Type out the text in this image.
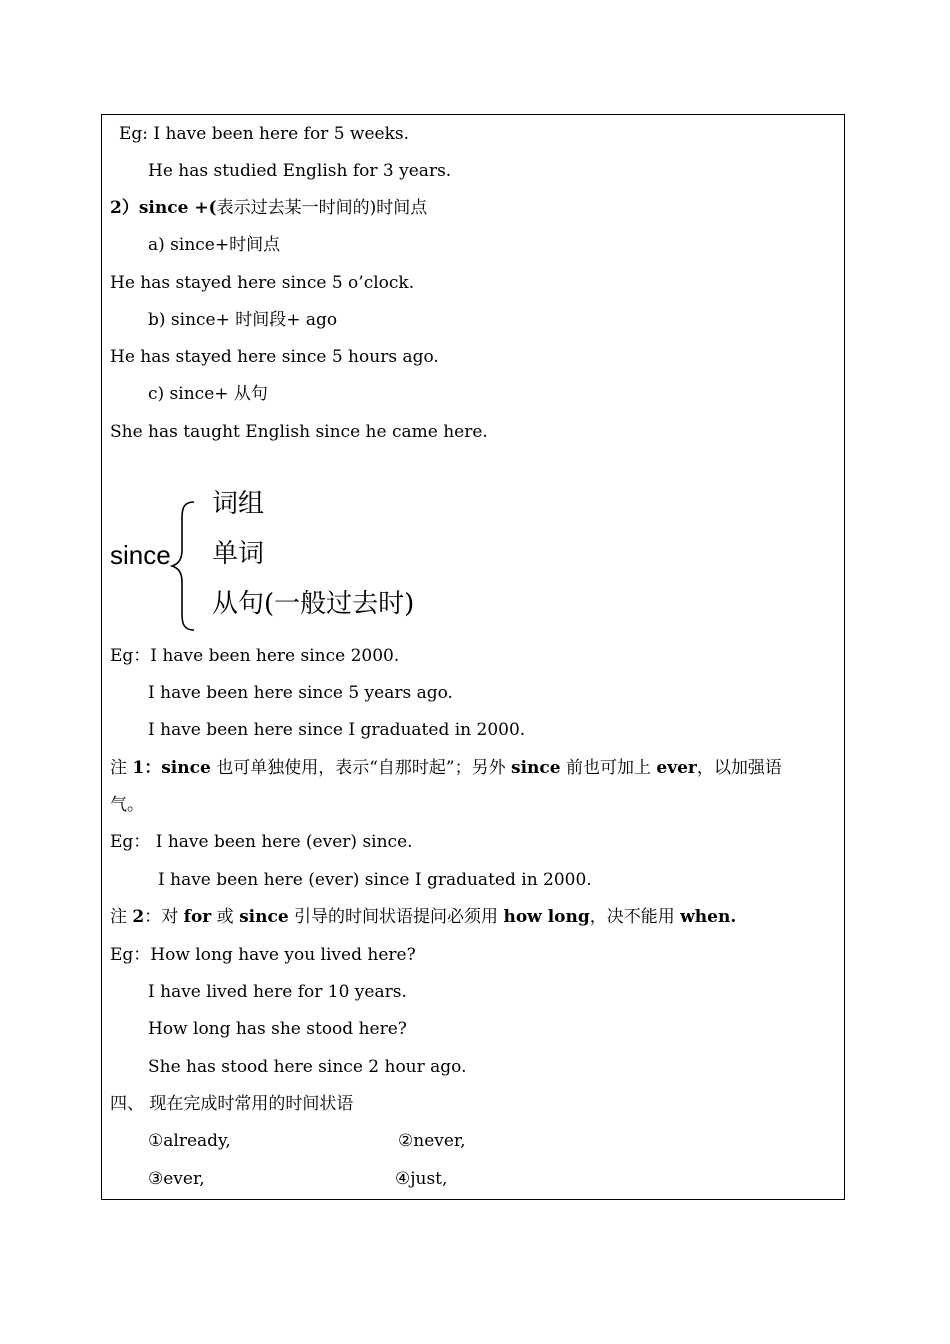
Eg: I have been here for 5 weeks.
He has studied English for 3 years.
2）since +(表示过去某一时间的)时间点
a) since+时间点
He has stayed here since 5 o’clock.
b) since+ 时间段+ ago
He has stayed here since 5 hours ago.
c) since+ 从句
She has taught English since he came here.
since
词组
单词
从句(一般过去时)
Eg：I have been here since 2000.
I have been here since 5 years ago.
I have been here since I graduated in 2000.
注 1：since 也可单独使用，表示“自那时起”；另外 since 前也可加上 ever，以加强语
气。
Eg： I have been here (ever) since.
I have been here (ever) since I graduated in 2000.
注 2：对 for 或 since 引导的时间状语提问必须用 how long，决不能用 when.
Eg：How long have you lived here?
I have lived here for 10 years.
How long has she stood here?
She has stood here since 2 hour ago.
四、 现在完成时常用的时间状语
①already,	②never,
③ever,	④just,
